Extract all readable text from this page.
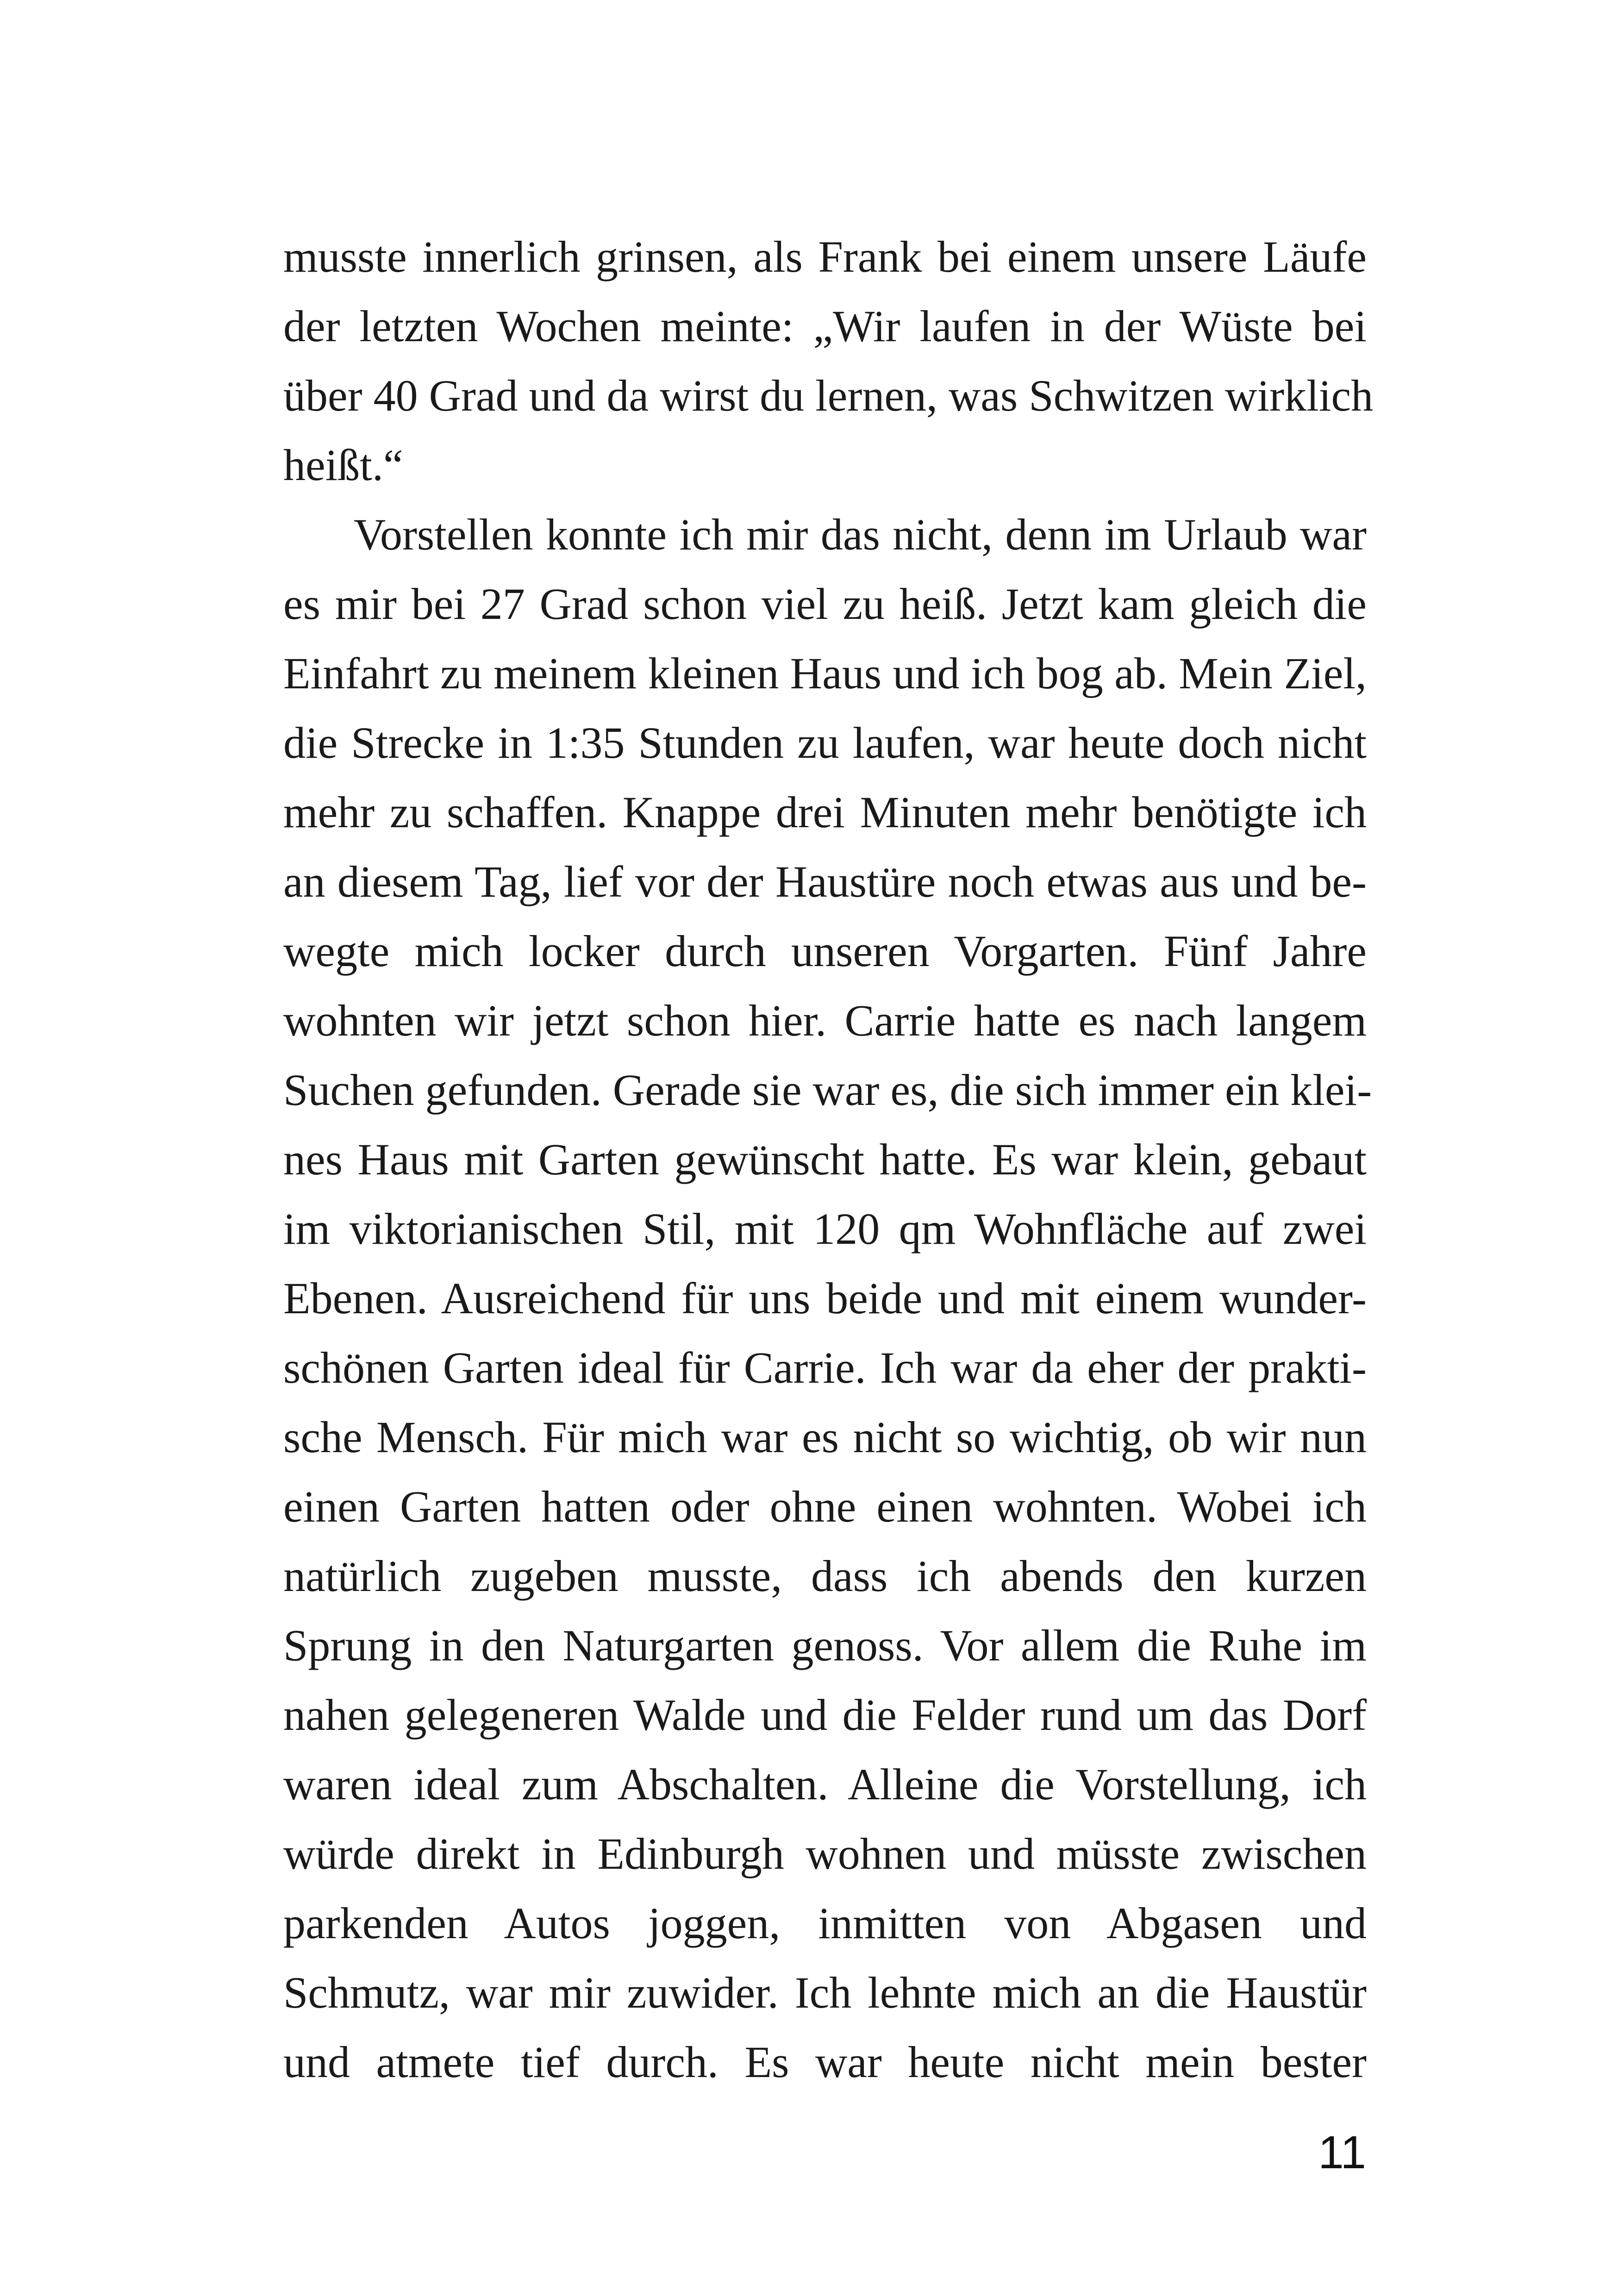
musste innerlich grinsen, als Frank bei einem unsere Läufe
der letzten Wochen meinte: „Wir laufen in der Wüste bei
über 40 Grad und da wirst du lernen, was Schwitzen wirklich
heißt.“
Vorstellen konnte ich mir das nicht, denn im Urlaub war
es mir bei 27 Grad schon viel zu heiß. Jetzt kam gleich die
Einfahrt zu meinem kleinen Haus und ich bog ab. Mein Ziel,
die Strecke in 1:35 Stunden zu laufen, war heute doch nicht
mehr zu schaffen. Knappe drei Minuten mehr benötigte ich
an diesem Tag, lief vor der Haustüre noch etwas aus und be-
wegte mich locker durch unseren Vorgarten. Fünf Jahre
wohnten wir jetzt schon hier. Carrie hatte es nach langem
Suchen gefunden. Gerade sie war es, die sich immer ein klei-
nes Haus mit Garten gewünscht hatte. Es war klein, gebaut
im viktorianischen Stil, mit 120 qm Wohnfläche auf zwei
Ebenen. Ausreichend für uns beide und mit einem wunder-
schönen Garten ideal für Carrie. Ich war da eher der prakti-
sche Mensch. Für mich war es nicht so wichtig, ob wir nun
einen Garten hatten oder ohne einen wohnten. Wobei ich
natürlich zugeben musste, dass ich abends den kurzen
Sprung in den Naturgarten genoss. Vor allem die Ruhe im
nahen gelegeneren Walde und die Felder rund um das Dorf
waren ideal zum Abschalten. Alleine die Vorstellung, ich
würde direkt in Edinburgh wohnen und müsste zwischen
parkenden Autos joggen, inmitten von Abgasen und
Schmutz, war mir zuwider. Ich lehnte mich an die Haustür
und atmete tief durch. Es war heute nicht mein bester
11
